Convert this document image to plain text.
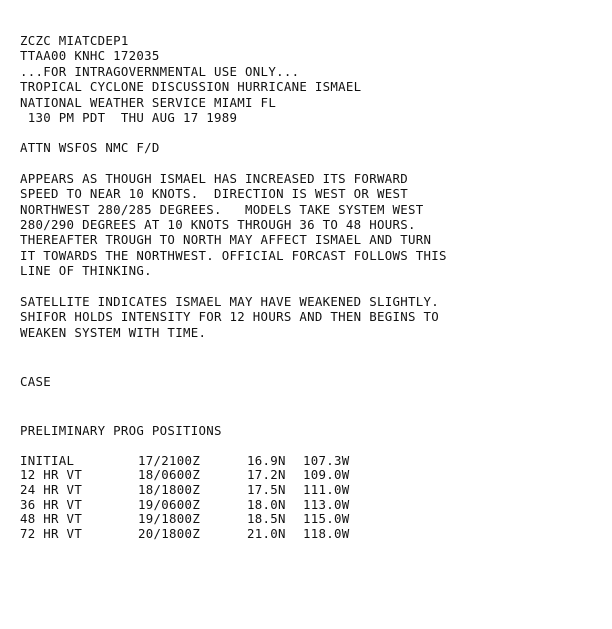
ZCZC MIATCDEP1

TTAA00 KNHC 172035

...FOR INTRAGOVERNMENTAL USE ONLY...

TROPICAL CYCLONE DISCUSSION HURRICANE ISMAEL

NATIONAL WEATHER SERVICE MIAMI FL

130 PM PDT  THU AUG 17 1989

ATTN WSFOS NMC F/D

APPEARS AS THOUGH ISMAEL HAS INCREASED ITS FORWARD

SPEED TO NEAR 10 KNOTS.  DIRECTION IS WEST OR WEST

NORTHWEST 280/285 DEGREES.   MODELS TAKE SYSTEM WEST

280/290 DEGREES AT 10 KNOTS THROUGH 36 TO 48 HOURS.

THEREAFTER TROUGH TO NORTH MAY AFFECT ISMAEL AND TURN

IT TOWARDS THE NORTHWEST. OFFICIAL FORCAST FOLLOWS THIS

LINE OF THINKING.

SATELLITE INDICATES ISMAEL MAY HAVE WEAKENED SLIGHTLY.

SHIFOR HOLDS INTENSITY FOR 12 HOURS AND THEN BEGINS TO

WEAKEN SYSTEM WITH TIME.

CASE

PRELIMINARY PROG POSITIONS

INITIAL	17/2100Z	16.9N	107.3W
12 HR VT	18/0600Z	17.2N	109.0W
24 HR VT	18/1800Z	17.5N	111.0W
36 HR VT	19/0600Z	18.0N	113.0W
48 HR VT	19/1800Z	18.5N	115.0W
72 HR VT	20/1800Z	21.0N	118.0W
